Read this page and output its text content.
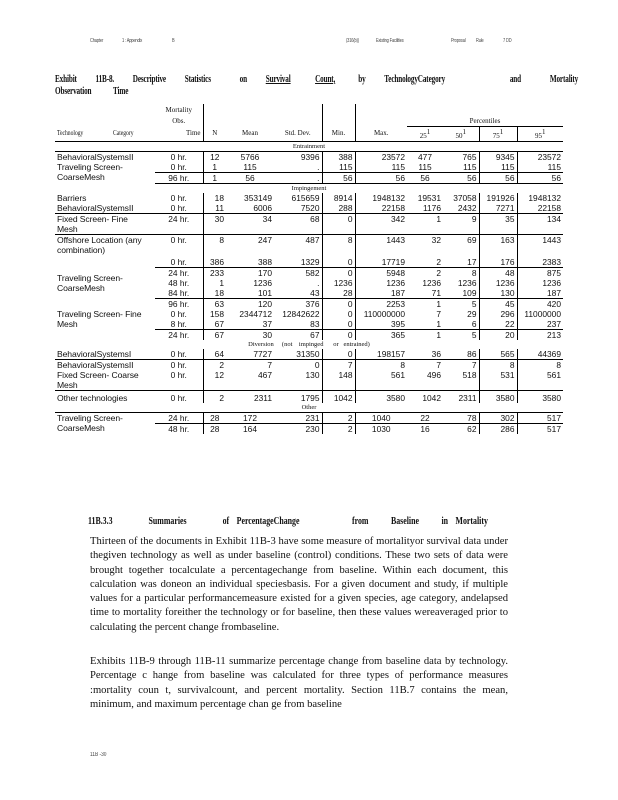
Chapter	1 : Appendix	B	(316(b))	Existing Facilities	Proposal Rule	7 DD
Exhibit 11B-8. Descriptive Statistics	on Survival Count, by TechnologyCategory	and	Mortality
Observation Time
	Mortality									
	Obs.						Percentiles			
Technology Category	Time	N	Mean	Std. Dev.	Min.	Max.	$25^1$	$50^1$	$75^1$	$95^1$
Entrainment										
BehavioralSystemsII	0 hr.	12	5766	9396	388	23572	477	765	9345	23572
Traveling Screen-	0 hr.	1	115	.	115	115	115	115	115	115
CoarseMesh	96 hr.	1	56	.	56	56	56	56	56	56
Impingement										
Barriers	0 hr.	18	353149	615659	8914	1948132	19531	37058	191926	1948132
BehavioralSystemsII	0 hr.	11	6006	7520	288	22158	1176	2432	7271	22158
Fixed Screen- Fine
Mesh	24 hr.	30	34	68	0	342	1	9	35	134
Offshore Location (any
combination)	0 hr.	8	247	487	8	1443	32	69	163	1443
	0 hr.	386	388	1329	0	17719	2	17	176	2383
Traveling Screen-
CoarseMesh	24 hr.	233	170	582	0	5948	2	8	48	875
	48 hr.	1	1236	.	1236	1236	1236	1236	1236	1236
	84 hr.	18	101	43	28	187	71	109	130	187
	96 hr.	63	120	376	0	2253	1	5	45	420
Traveling Screen- Fine
Mesh	0 hr.	158	2344712	12842622	0	110000000	7	29	296	11000000
	8 hr.	67	37	83	0	395	1	6	22	237
	24 hr.	67	30	67	0	365	1	5	20	213
Diversion     (not    impinged      or   entrained)										
BehavioralSystemsI	0 hr.	64	7727	31350	0	198157	36	86	565	44369
BehavioralSystemsII	0 hr.	2	7	0	7	8	7	7	8	8
Fixed Screen- Coarse
Mesh	0 hr.	12	467	130	148	561	496	518	531	561
Other technologies	0 hr.	2	2311	1795	1042	3580	1042	2311	3580	3580
Other										
Traveling Screen-	24 hr.	28	172	231	2	1040	22	78	302	517
CoarseMesh	48 hr.	28	164	230	2	1030	16	62	286	517
11B.3.3	Summaries	of PercentageChange	from Baseline in Mortality
Thirteen of the documents in Exhibit 11B-3 have some measure of mortalityor survival data under thegiven technology as well as under baseline (control) conditions. These two sets of data were brought together tocalculate a percentagechange from baseline. Within each document, this calculation was doneon an individual speciesbasis. For a given document and study, if multiple values for a particular performancemeasure existed for a given species, age category, andelapsed time to mortality foreither the technology or for baseline, then these values wereaveraged prior to calculating the percent change frombaseline.
Exhibits 11B-9 through 11B-11 summarize percentage change from baseline data by technology. Percentage c hange from baseline was calculated for three types of performance measures :mortality coun t, survivalcount, and percent mortality. Section 11B.7 contains the mean, minimum, and maximum percentage chan ge from baseline
11B -30
